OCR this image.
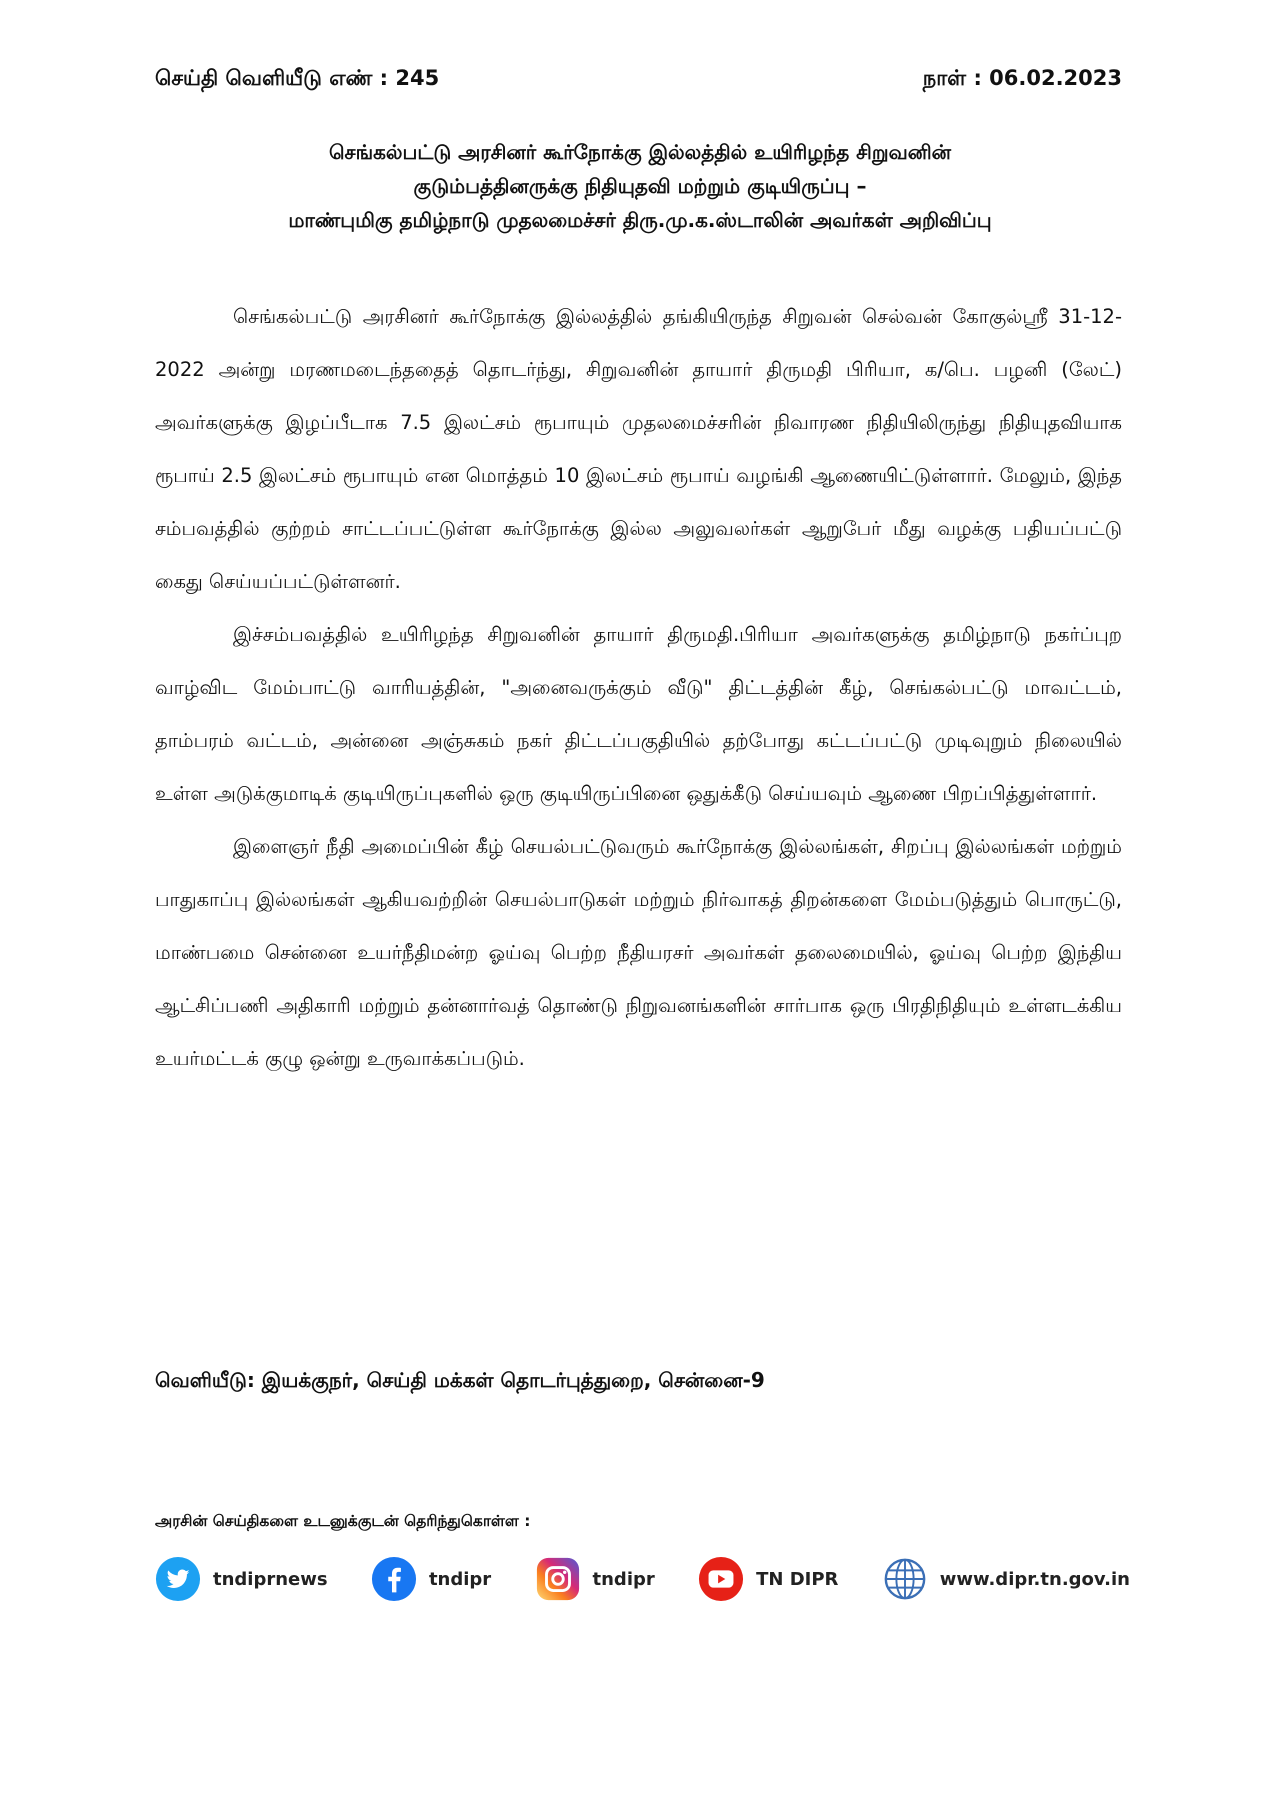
செய்தி வெளியீடு எண் : 245	நாள் : 06.02.2023
செங்கல்பட்டு அரசினர் கூர்நோக்கு இல்லத்தில் உயிரிழந்த சிறுவனின்
குடும்பத்தினருக்கு நிதியுதவி மற்றும் குடியிருப்பு –
மாண்புமிகு தமிழ்நாடு முதலமைச்சர் திரு.மு.க.ஸ்டாலின் அவர்கள் அறிவிப்பு

செங்கல்பட்டு அரசினர் கூர்நோக்கு இல்லத்தில் தங்கியிருந்த சிறுவன் செல்வன் கோகுல்ஸ்ரீ 31-12-2022 அன்று மரணமடைந்ததைத் தொடர்ந்து, சிறுவனின் தாயார் திருமதி பிரியா, க/பெ. பழனி (லேட்) அவர்களுக்கு இழப்பீடாக 7.5 இலட்சம் ரூபாயும் முதலமைச்சரின் நிவாரண நிதியிலிருந்து நிதியுதவியாக ரூபாய் 2.5 இலட்சம் ரூபாயும் என மொத்தம் 10 இலட்சம் ரூபாய் வழங்கி ஆணையிட்டுள்ளார். மேலும், இந்த சம்பவத்தில் குற்றம் சாட்டப்பட்டுள்ள கூர்நோக்கு இல்ல அலுவலர்கள் ஆறுபேர் மீது வழக்கு பதியப்பட்டு கைது செய்யப்பட்டுள்ளனர்.

இச்சம்பவத்தில் உயிரிழந்த சிறுவனின் தாயார் திருமதி.பிரியா அவர்களுக்கு தமிழ்நாடு நகர்ப்புற வாழ்விட மேம்பாட்டு வாரியத்தின், "அனைவருக்கும் வீடு" திட்டத்தின் கீழ், செங்கல்பட்டு மாவட்டம், தாம்பரம் வட்டம், அன்னை அஞ்சுகம் நகர் திட்டப்பகுதியில் தற்போது கட்டப்பட்டு முடிவுறும் நிலையில் உள்ள அடுக்குமாடிக் குடியிருப்புகளில் ஒரு குடியிருப்பினை ஒதுக்கீடு செய்யவும் ஆணை பிறப்பித்துள்ளார்.

இளைஞர் நீதி அமைப்பின் கீழ் செயல்பட்டுவரும் கூர்நோக்கு இல்லங்கள், சிறப்பு இல்லங்கள் மற்றும் பாதுகாப்பு இல்லங்கள் ஆகியவற்றின் செயல்பாடுகள் மற்றும் நிர்வாகத் திறன்களை மேம்படுத்தும் பொருட்டு, மாண்பமை சென்னை உயர்நீதிமன்ற ஓய்வு பெற்ற நீதியரசர் அவர்கள் தலைமையில், ஓய்வு பெற்ற இந்திய ஆட்சிப்பணி அதிகாரி மற்றும் தன்னார்வத் தொண்டு நிறுவனங்களின் சார்பாக ஒரு பிரதிநிதியும் உள்ளடக்கிய உயர்மட்டக் குழு ஒன்று உருவாக்கப்படும்.

வெளியீடு: இயக்குநர், செய்தி மக்கள் தொடர்புத்துறை, சென்னை-9
அரசின் செய்திகளை உடனுக்குடன் தெரிந்துகொள்ள :
tndiprnews	tndipr	tndipr	TN DIPR	www.dipr.tn.gov.in
